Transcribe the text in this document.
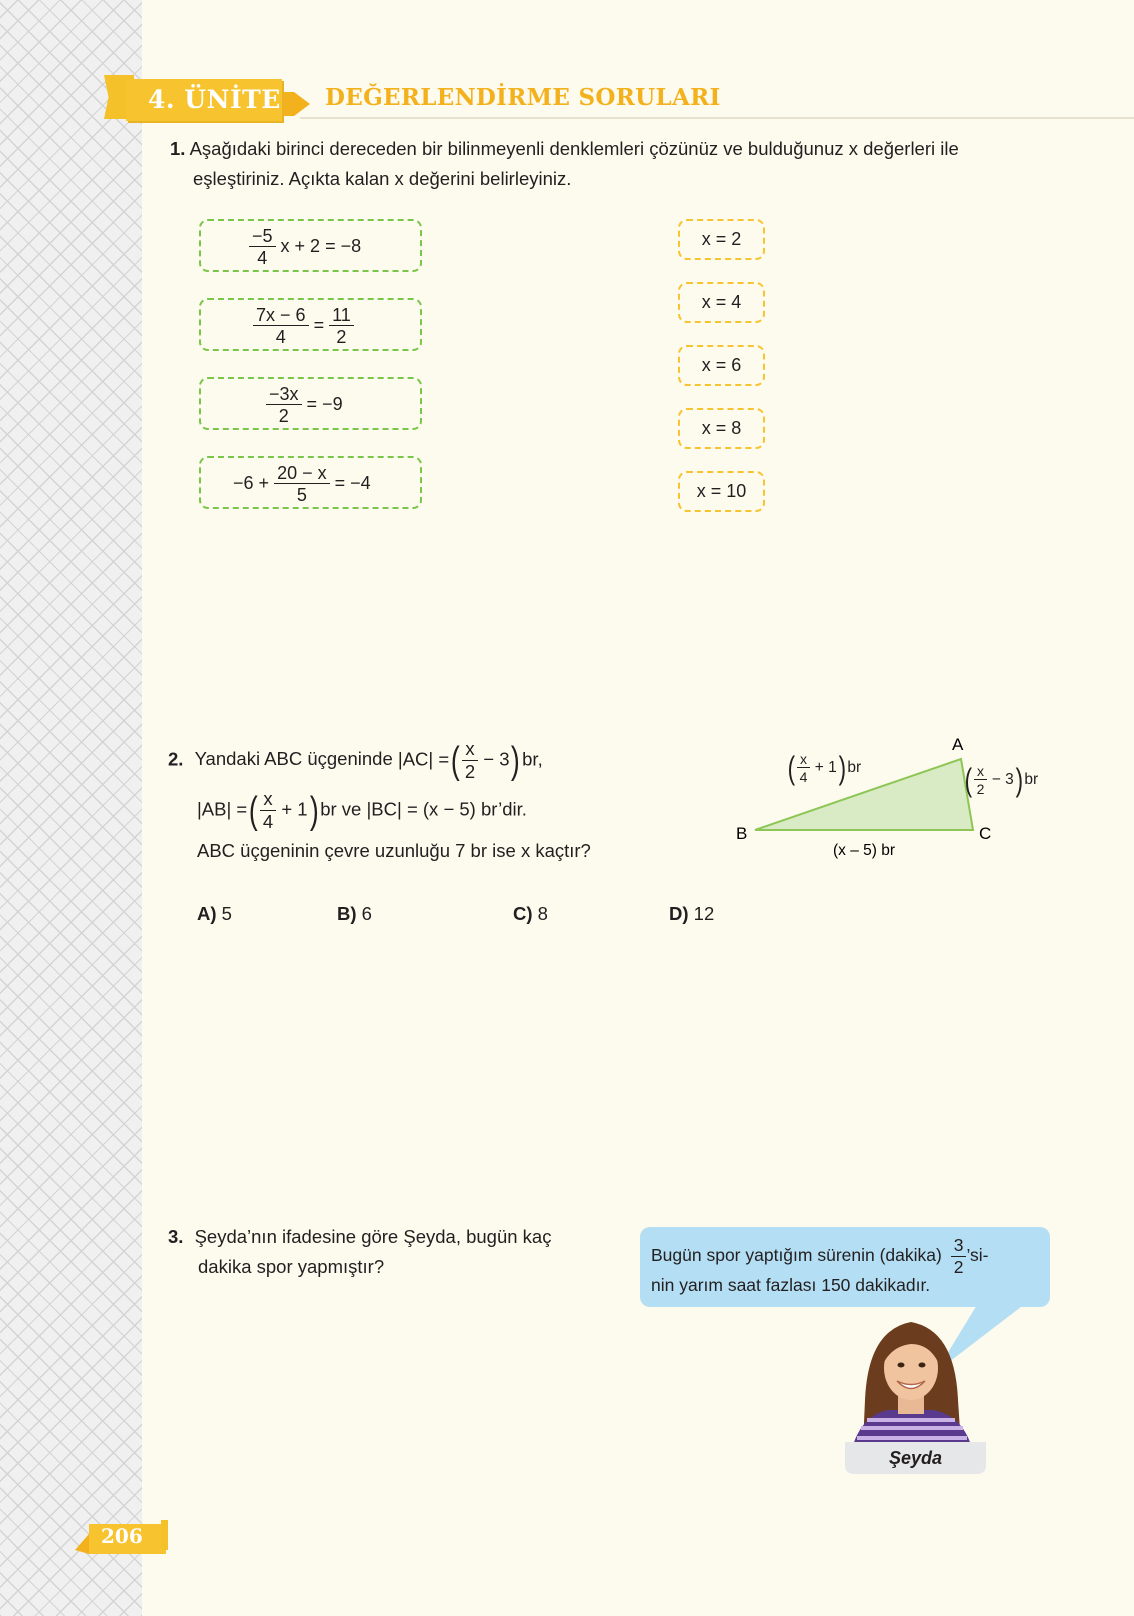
4. ÜNİTE DEĞERLENDİRME SORULARI
1. Aşağıdaki birinci dereceden bir bilinmeyenli denklemleri çözünüz ve bulduğunuz x değerleri ile
eşleştiriniz. Açıkta kalan x değerini belirleyiniz.
$\frac{-5}{4}$ x + 2 = −8
$\frac{7x - 6}{4} = \frac{11}{2}$
$\frac{-3x}{2} = -9$
$-6 + \frac{20 - x}{5} = -4$
x = 2
x = 4
x = 6
x = 8
x = 10
2. Yandaki ABC üçgeninde |AC| =( $\frac{x}{2} - 3$) br,
|AB| =( $\frac{x}{4} + 1$) br ve |BC| = (x − 5) br’dir.
ABC üçgeninin çevre uzunluğu 7 br ise x kaçtır?
A) 5	B) 6	C) 8	D) 12
A
B	C
(x – 5) br
( $\frac{x}{4} + 1$) br	( $\frac{x}{2} - 3$) br
3. Şeyda’nın ifadesine göre Şeyda, bugün kaç
dakika spor yapmıştır?
Bugün spor yaptığım sürenin (dakika) $\frac{3}{2}$ ’si-
nin yarım saat fazlası 150 dakikadır.
Şeyda
206
